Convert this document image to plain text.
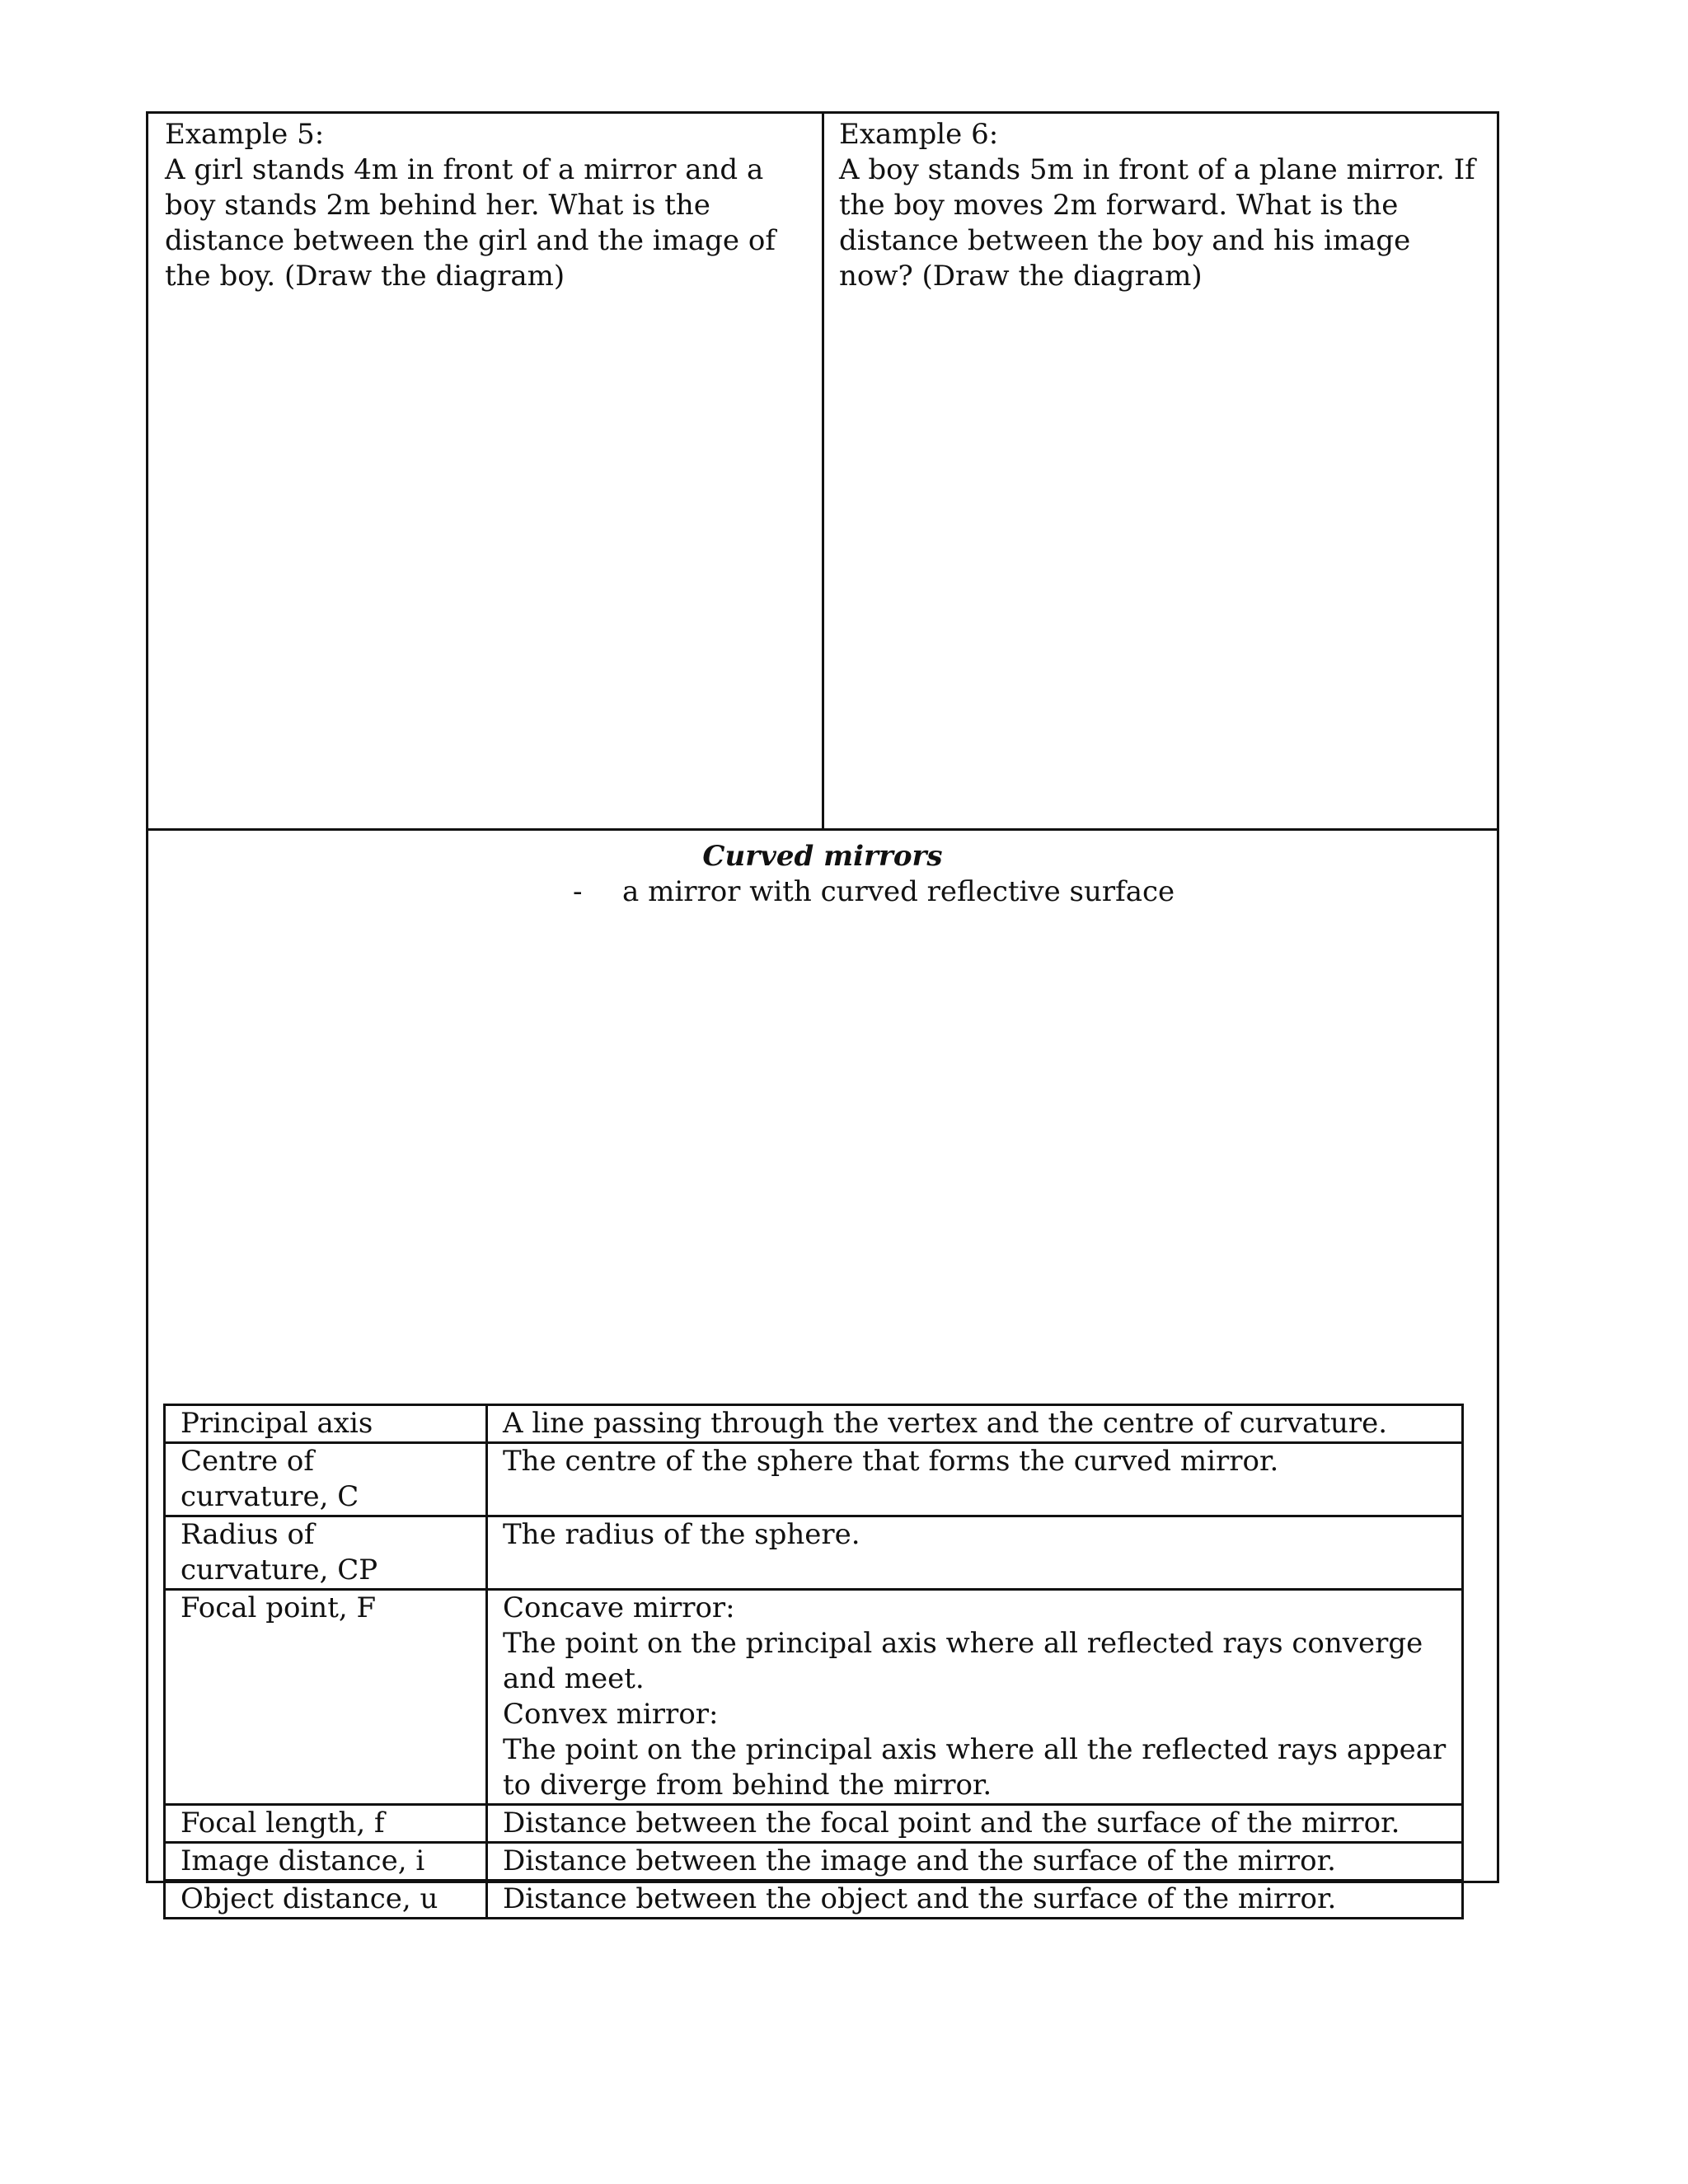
Example 5:

A girl stands 4m in front of a mirror and a boy stands 2m behind her. What is the distance between the girl and the image of the boy. (Draw the diagram)

Example 6:

A boy stands 5m in front of a plane mirror. If the boy moves 2m forward. What is the distance between the boy and his image now? (Draw the diagram)

Curved mirrors
- a mirror with curved reflective surface
Principal axis	A line passing through the vertex and the centre of curvature.
Centre of curvature, C	The centre of the sphere that forms the curved mirror.
Radius of curvature, CP	The radius of the sphere.
Focal point, F	Concave mirror:

The point on the principal axis where all reflected rays converge and meet.

Convex mirror:

The point on the principal axis where all the reflected rays appear to diverge from behind the mirror.

Focal length, f	Distance between the focal point and the surface of the mirror.
Image distance, i	Distance between the image and the surface of the mirror.
Object distance, u	Distance between the object and the surface of the mirror.
